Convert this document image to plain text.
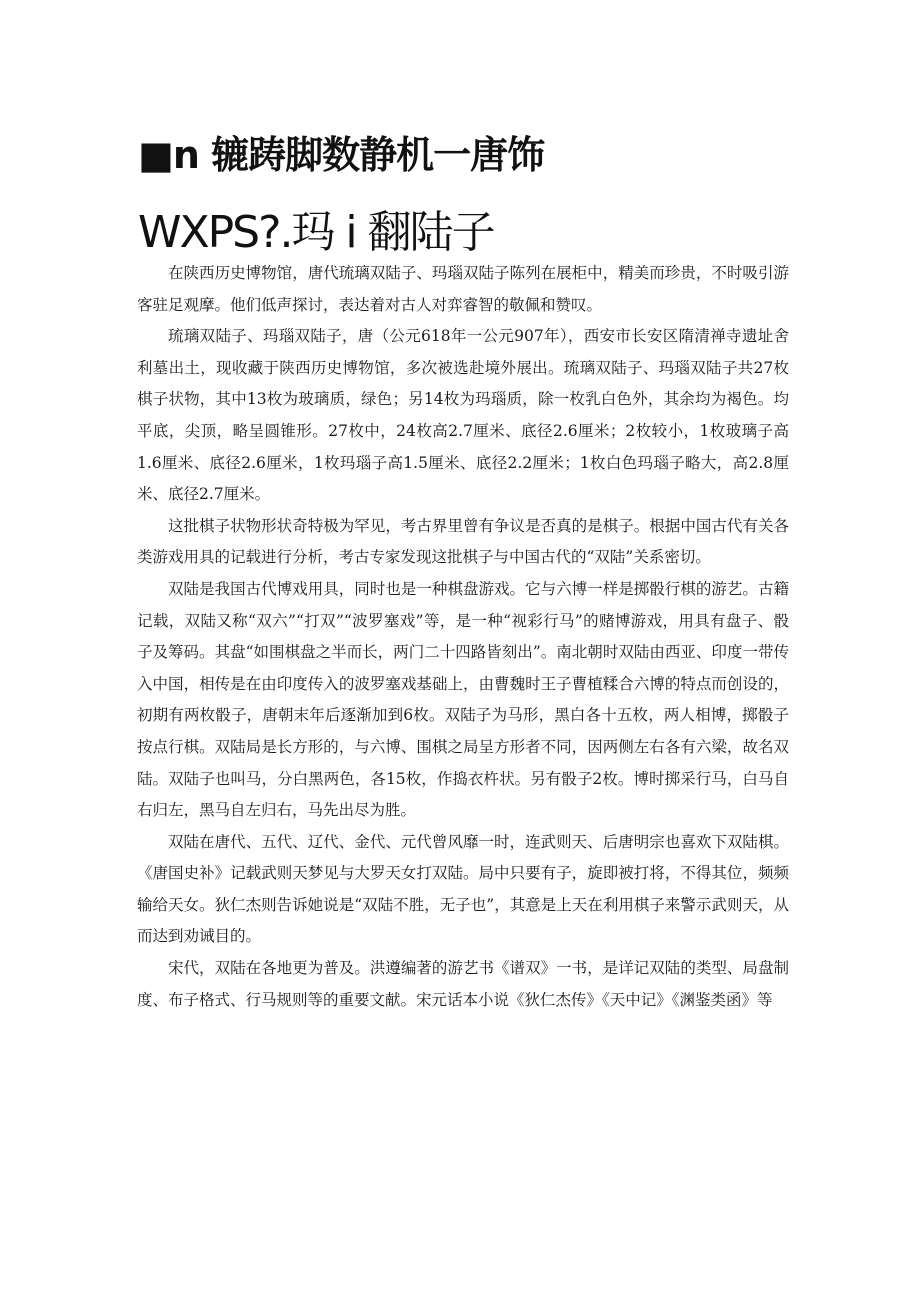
■n 辘踌脚数静机一唐饰
WXPS?.玛 i 翻陆子

在陕西历史博物馆，唐代琉璃双陆子、玛瑙双陆子陈列在展柜中，精美而珍贵，不时吸引游客驻足观摩。他们低声探讨，表达着对古人对弈睿智的敬佩和赞叹。

琉璃双陆子、玛瑙双陆子，唐（公元618年一公元907年），西安市长安区隋清禅寺遗址舍利墓出土，现收藏于陕西历史博物馆，多次被选赴境外展出。琉璃双陆子、玛瑙双陆子共27枚棋子状物，其中13枚为玻璃质，绿色；另14枚为玛瑙质，除一枚乳白色外，其余均为褐色。均平底，尖顶，略呈圆锥形。27枚中，24枚高2.7厘米、底径2.6厘米；2枚较小，1枚玻璃子高1.6厘米、底径2.6厘米，1枚玛瑙子高1.5厘米、底径2.2厘米；1枚白色玛瑙子略大，高2.8厘米、底径2.7厘米。

这批棋子状物形状奇特极为罕见，考古界里曾有争议是否真的是棋子。根据中国古代有关各类游戏用具的记载进行分析，考古专家发现这批棋子与中国古代的“双陆”关系密切。

双陆是我国古代博戏用具，同时也是一种棋盘游戏。它与六博一样是掷骰行棋的游艺。古籍记载，双陆又称“双六”“打双”“波罗塞戏”等，是一种“视彩行马”的赌博游戏，用具有盘子、骰子及筹码。其盘“如围棋盘之半而长，两门二十四路皆刻出”。南北朝时双陆由西亚、印度一带传入中国，相传是在由印度传入的波罗塞戏基础上，由曹魏时王子曹植糅合六博的特点而创设的，初期有两枚骰子，唐朝末年后逐渐加到6枚。双陆子为马形，黑白各十五枚，两人相博，掷骰子按点行棋。双陆局是长方形的，与六博、围棋之局呈方形者不同，因两侧左右各有六梁，故名双陆。双陆子也叫马，分白黑两色，各15枚，作捣衣杵状。另有骰子2枚。博时掷采行马，白马自右归左，黑马自左归右，马先出尽为胜。

双陆在唐代、五代、辽代、金代、元代曾风靡一时，连武则天、后唐明宗也喜欢下双陆棋。《唐国史补》记载武则天梦见与大罗天女打双陆。局中只要有子，旋即被打将，不得其位，频频输给天女。狄仁杰则告诉她说是“双陆不胜，无子也”，其意是上天在利用棋子来警示武则天，从而达到劝诫目的。

宋代，双陆在各地更为普及。洪遵编著的游艺书《谱双》一书，是详记双陆的类型、局盘制度、布子格式、行马规则等的重要文献。宋元话本小说《狄仁杰传》《天中记》《渊鉴类函》等
